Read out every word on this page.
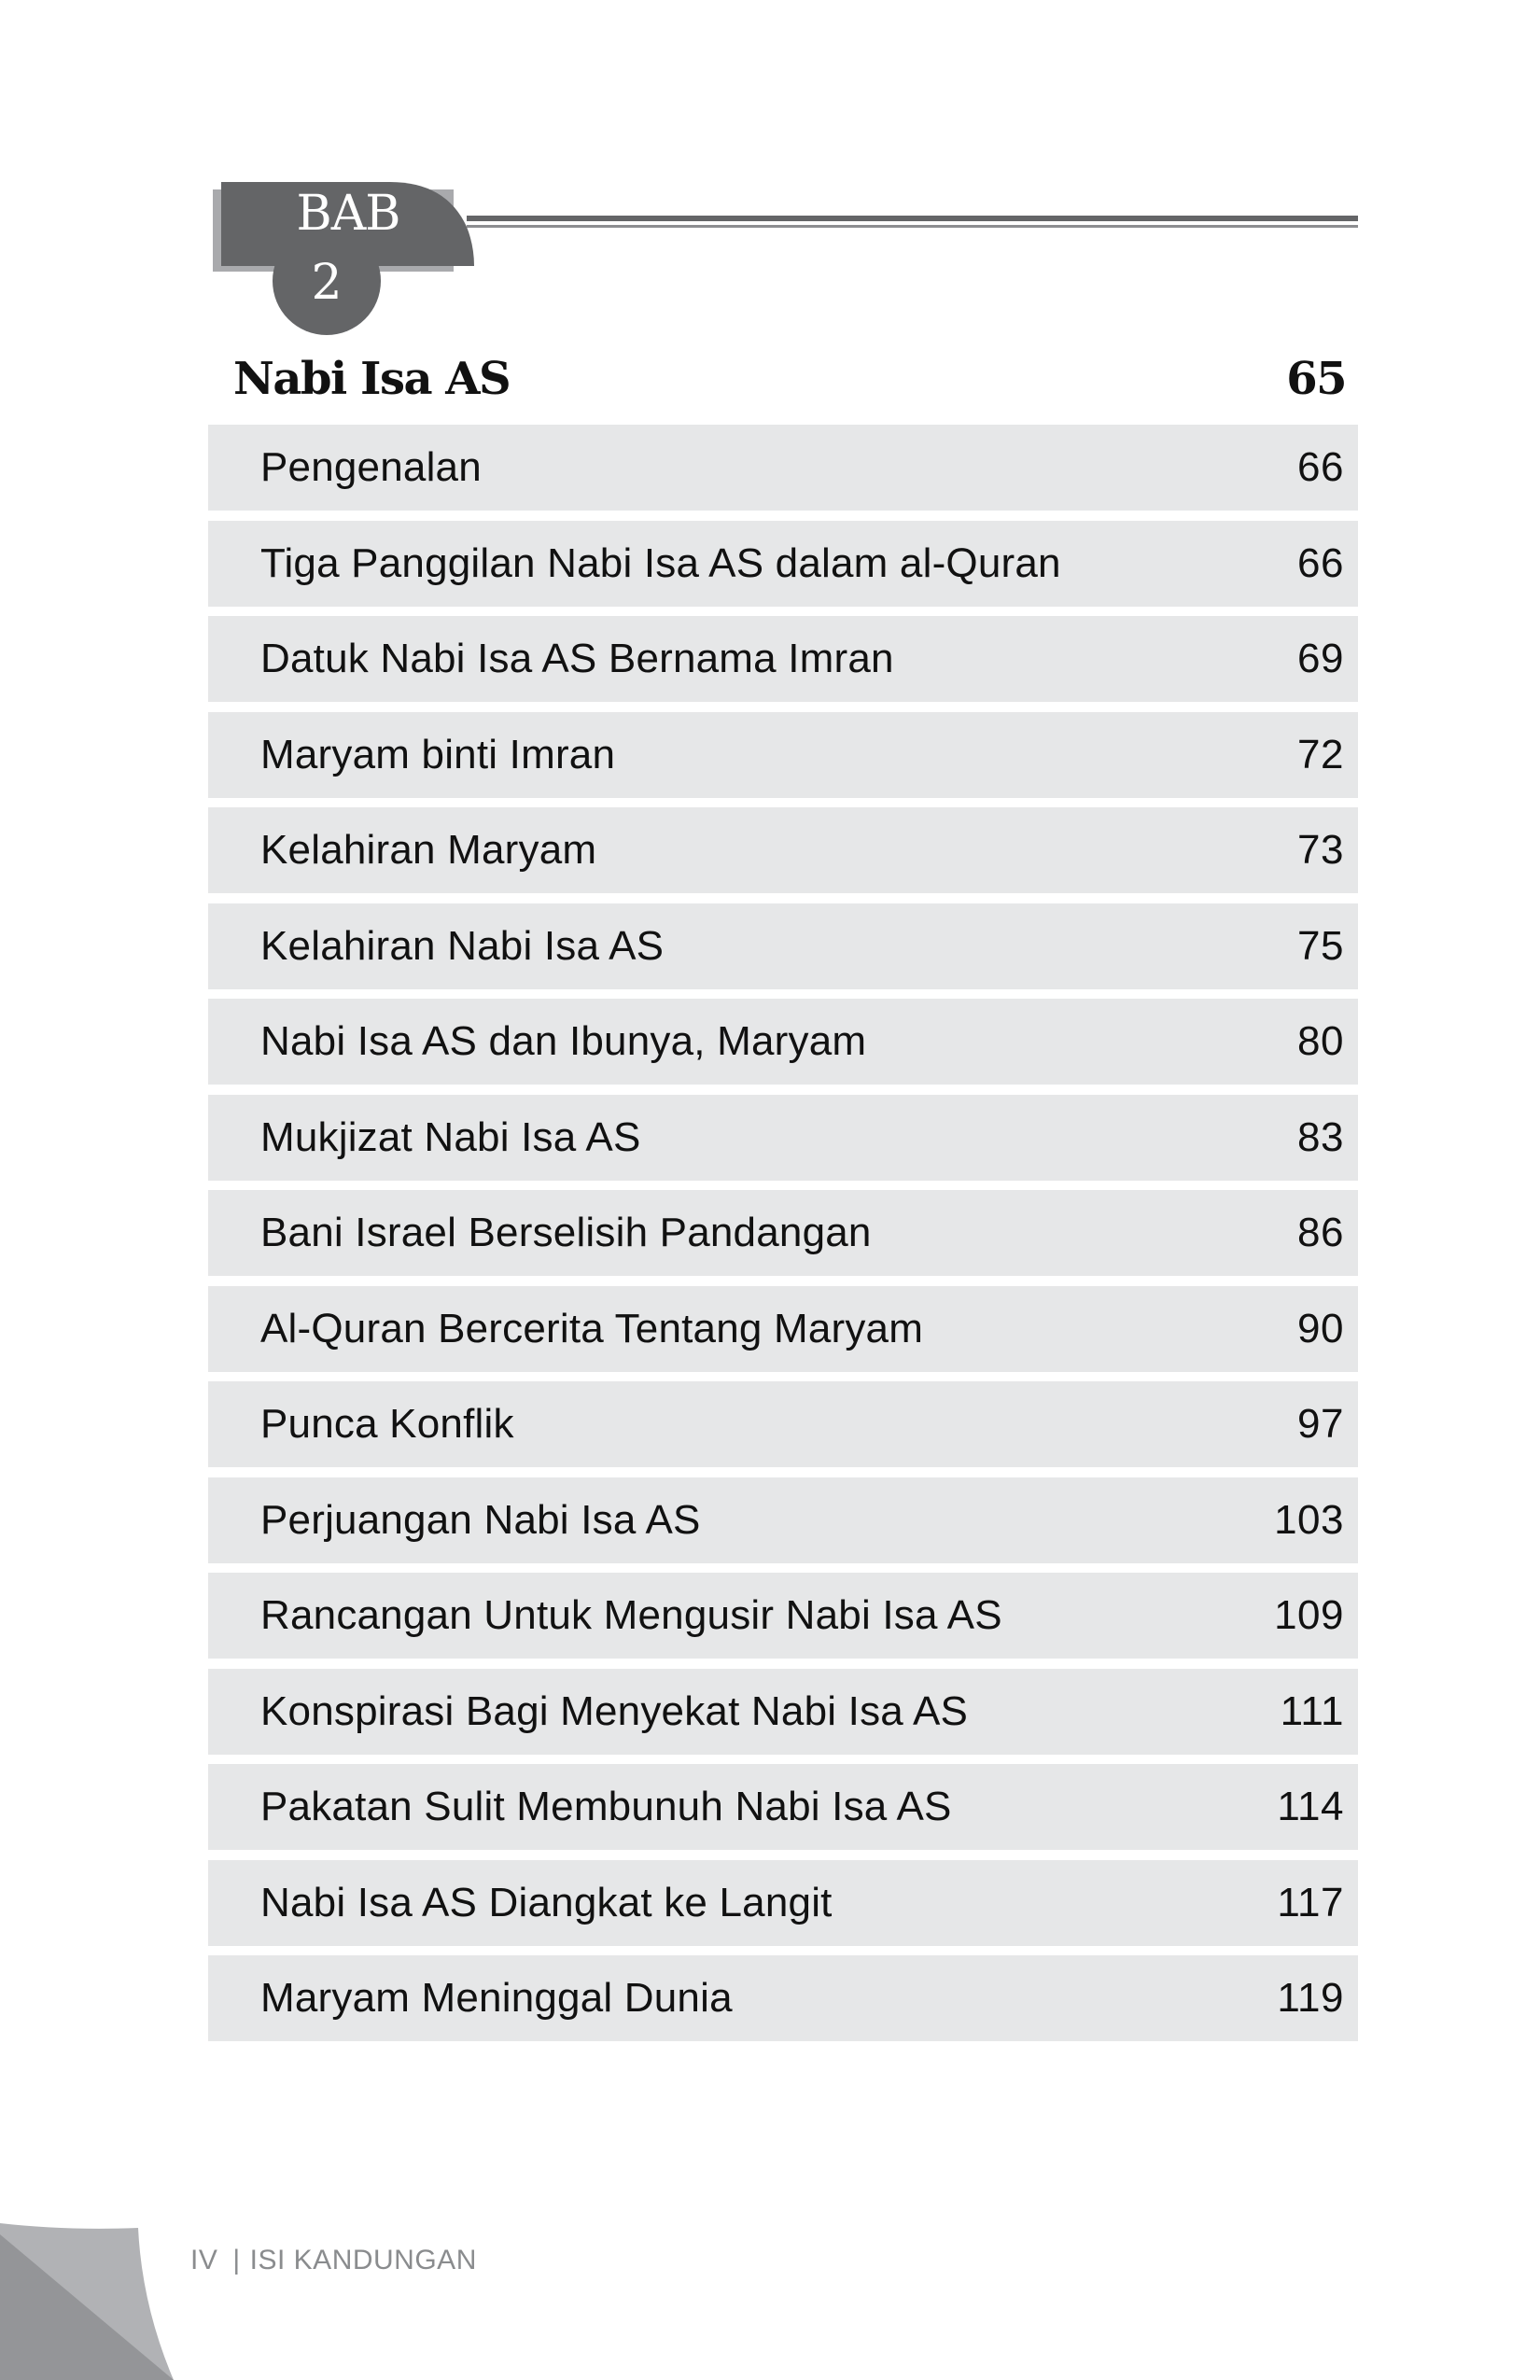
BAB
2
Nabi Isa AS	65
Pengenalan	66
Tiga Panggilan Nabi Isa AS dalam al-Quran	66
Datuk Nabi Isa AS Bernama Imran	69
Maryam binti Imran	72
Kelahiran Maryam	73
Kelahiran Nabi Isa AS	75
Nabi Isa AS dan Ibunya, Maryam	80
Mukjizat Nabi Isa AS	83
Bani Israel Berselisih Pandangan	86
Al-Quran Bercerita Tentang Maryam	90
Punca Konflik	97
Perjuangan Nabi Isa AS	103
Rancangan Untuk Mengusir Nabi Isa AS	109
Konspirasi Bagi Menyekat Nabi Isa AS	111
Pakatan Sulit Membunuh Nabi Isa AS	114
Nabi Isa AS Diangkat ke Langit	117
Maryam Meninggal Dunia	119
IV | ISI KANDUNGAN
